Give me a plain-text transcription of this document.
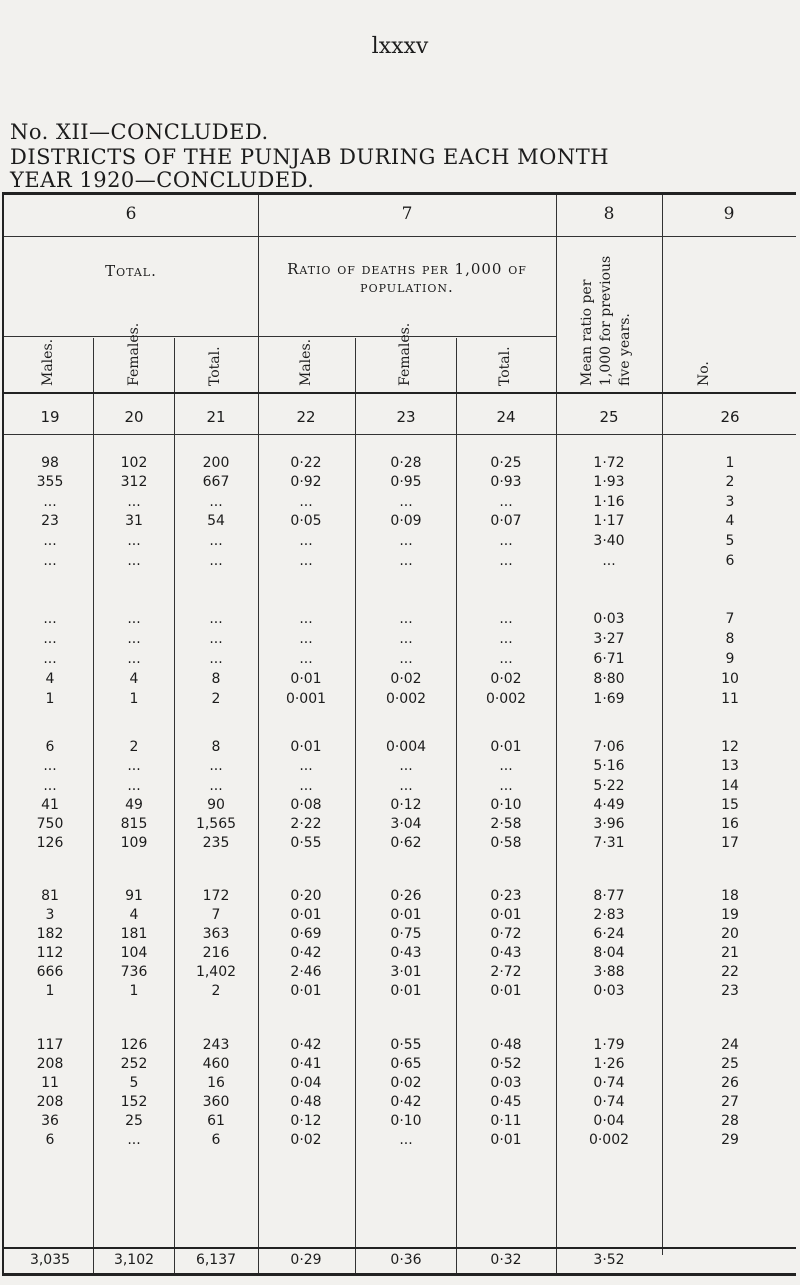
lxxxv
No. XII—CONCLUDED.
DISTRICTS OF THE PUNJAB DURING EACH MONTH
YEAR 1920—CONCLUDED.
6	7	8	9
Total.	Ratio of deaths per 1,000 of population.
Males.	Females.	Total.	Males.	Females.	Total.	Mean ratio per 1,000 for previous five years.	No.
19	20	21	22	23	24	25	26
98	102	200	0·22	0·28	0·25	1·72	1
355	312	667	0·92	0·95	0·93	1·93	2
...	...	...	...	...	...	1·16	3
23	31	54	0·05	0·09	0·07	1·17	4
...	...	...	...	...	...	3·40	5
...	...	...	...	...	...	...	6
...	...	...	...	...	...	0·03	7
...	...	...	...	...	...	3·27	8
...	...	...	...	...	...	6·71	9
4	4	8	0·01	0·02	0·02	8·80	10
1	1	2	0·001	0·002	0·002	1·69	11
6	2	8	0·01	0·004	0·01	7·06	12
...	...	...	...	...	...	5·16	13
...	...	...	...	...	...	5·22	14
41	49	90	0·08	0·12	0·10	4·49	15
750	815	1,565	2·22	3·04	2·58	3·96	16
126	109	235	0·55	0·62	0·58	7·31	17
81	91	172	0·20	0·26	0·23	8·77	18
3	4	7	0·01	0·01	0·01	2·83	19
182	181	363	0·69	0·75	0·72	6·24	20
112	104	216	0·42	0·43	0·43	8·04	21
666	736	1,402	2·46	3·01	2·72	3·88	22
1	1	2	0·01	0·01	0·01	0·03	23
117	126	243	0·42	0·55	0·48	1·79	24
208	252	460	0·41	0·65	0·52	1·26	25
11	5	16	0·04	0·02	0·03	0·74	26
208	152	360	0·48	0·42	0·45	0·74	27
36	25	61	0·12	0·10	0·11	0·04	28
6	...	6	0·02	...	0·01	0·002	29
3,035	3,102	6,137	0·29	0·36	0·32	3·52
